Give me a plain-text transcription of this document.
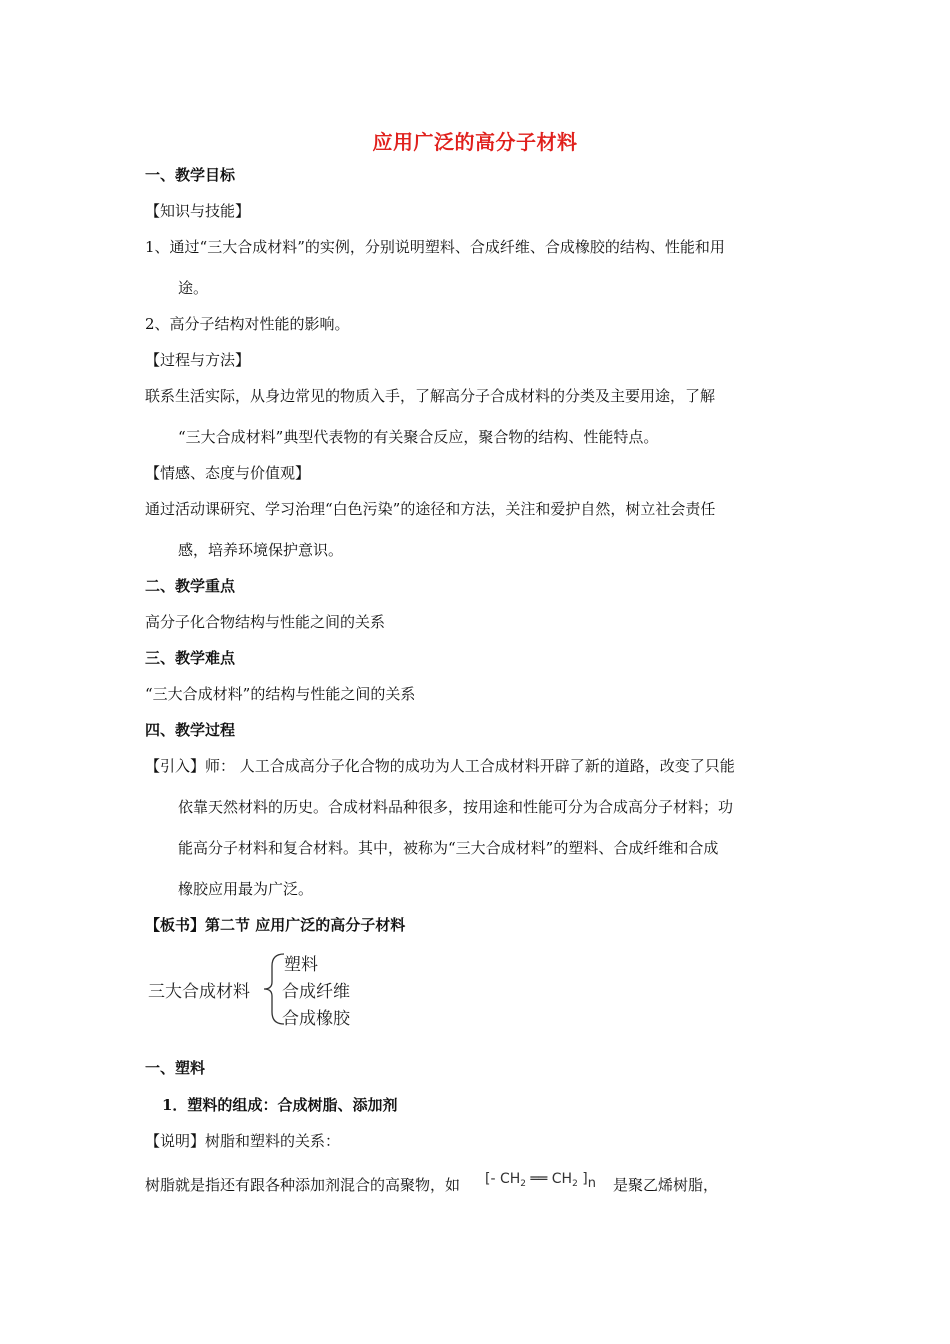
应用广泛的高分子材料
一、教学目标
【知识与技能】
1、通过“三大合成材料”的实例，分别说明塑料、合成纤维、合成橡胶的结构、性能和用
途。
2、高分子结构对性能的影响。
【过程与方法】
联系生活实际，从身边常见的物质入手，了解高分子合成材料的分类及主要用途，了解
“三大合成材料”典型代表物的有关聚合反应，聚合物的结构、性能特点。
【情感、态度与价值观】
通过活动课研究、学习治理“白色污染”的途径和方法，关注和爱护自然，树立社会责任
感，培养环境保护意识。
二、教学重点
高分子化合物结构与性能之间的关系
三、教学难点
“三大合成材料”的结构与性能之间的关系
四、教学过程
【引入】师： 人工合成高分子化合物的成功为人工合成材料开辟了新的道路，改变了只能
依靠天然材料的历史。合成材料品种很多，按用途和性能可分为合成高分子材料；功
能高分子材料和复合材料。其中，被称为“三大合成材料”的塑料、合成纤维和合成
橡胶应用最为广泛。
【板书】第二节 应用广泛的高分子材料
三大合成材料
塑料
合成纤维
合成橡胶
一、塑料
1．塑料的组成：合成树脂、添加剂
【说明】树脂和塑料的关系：
树脂就是指还有跟各种添加剂混合的高聚物，如 [- $CH_2$ ══ $CH_2$ ]n 是聚乙烯树脂，
